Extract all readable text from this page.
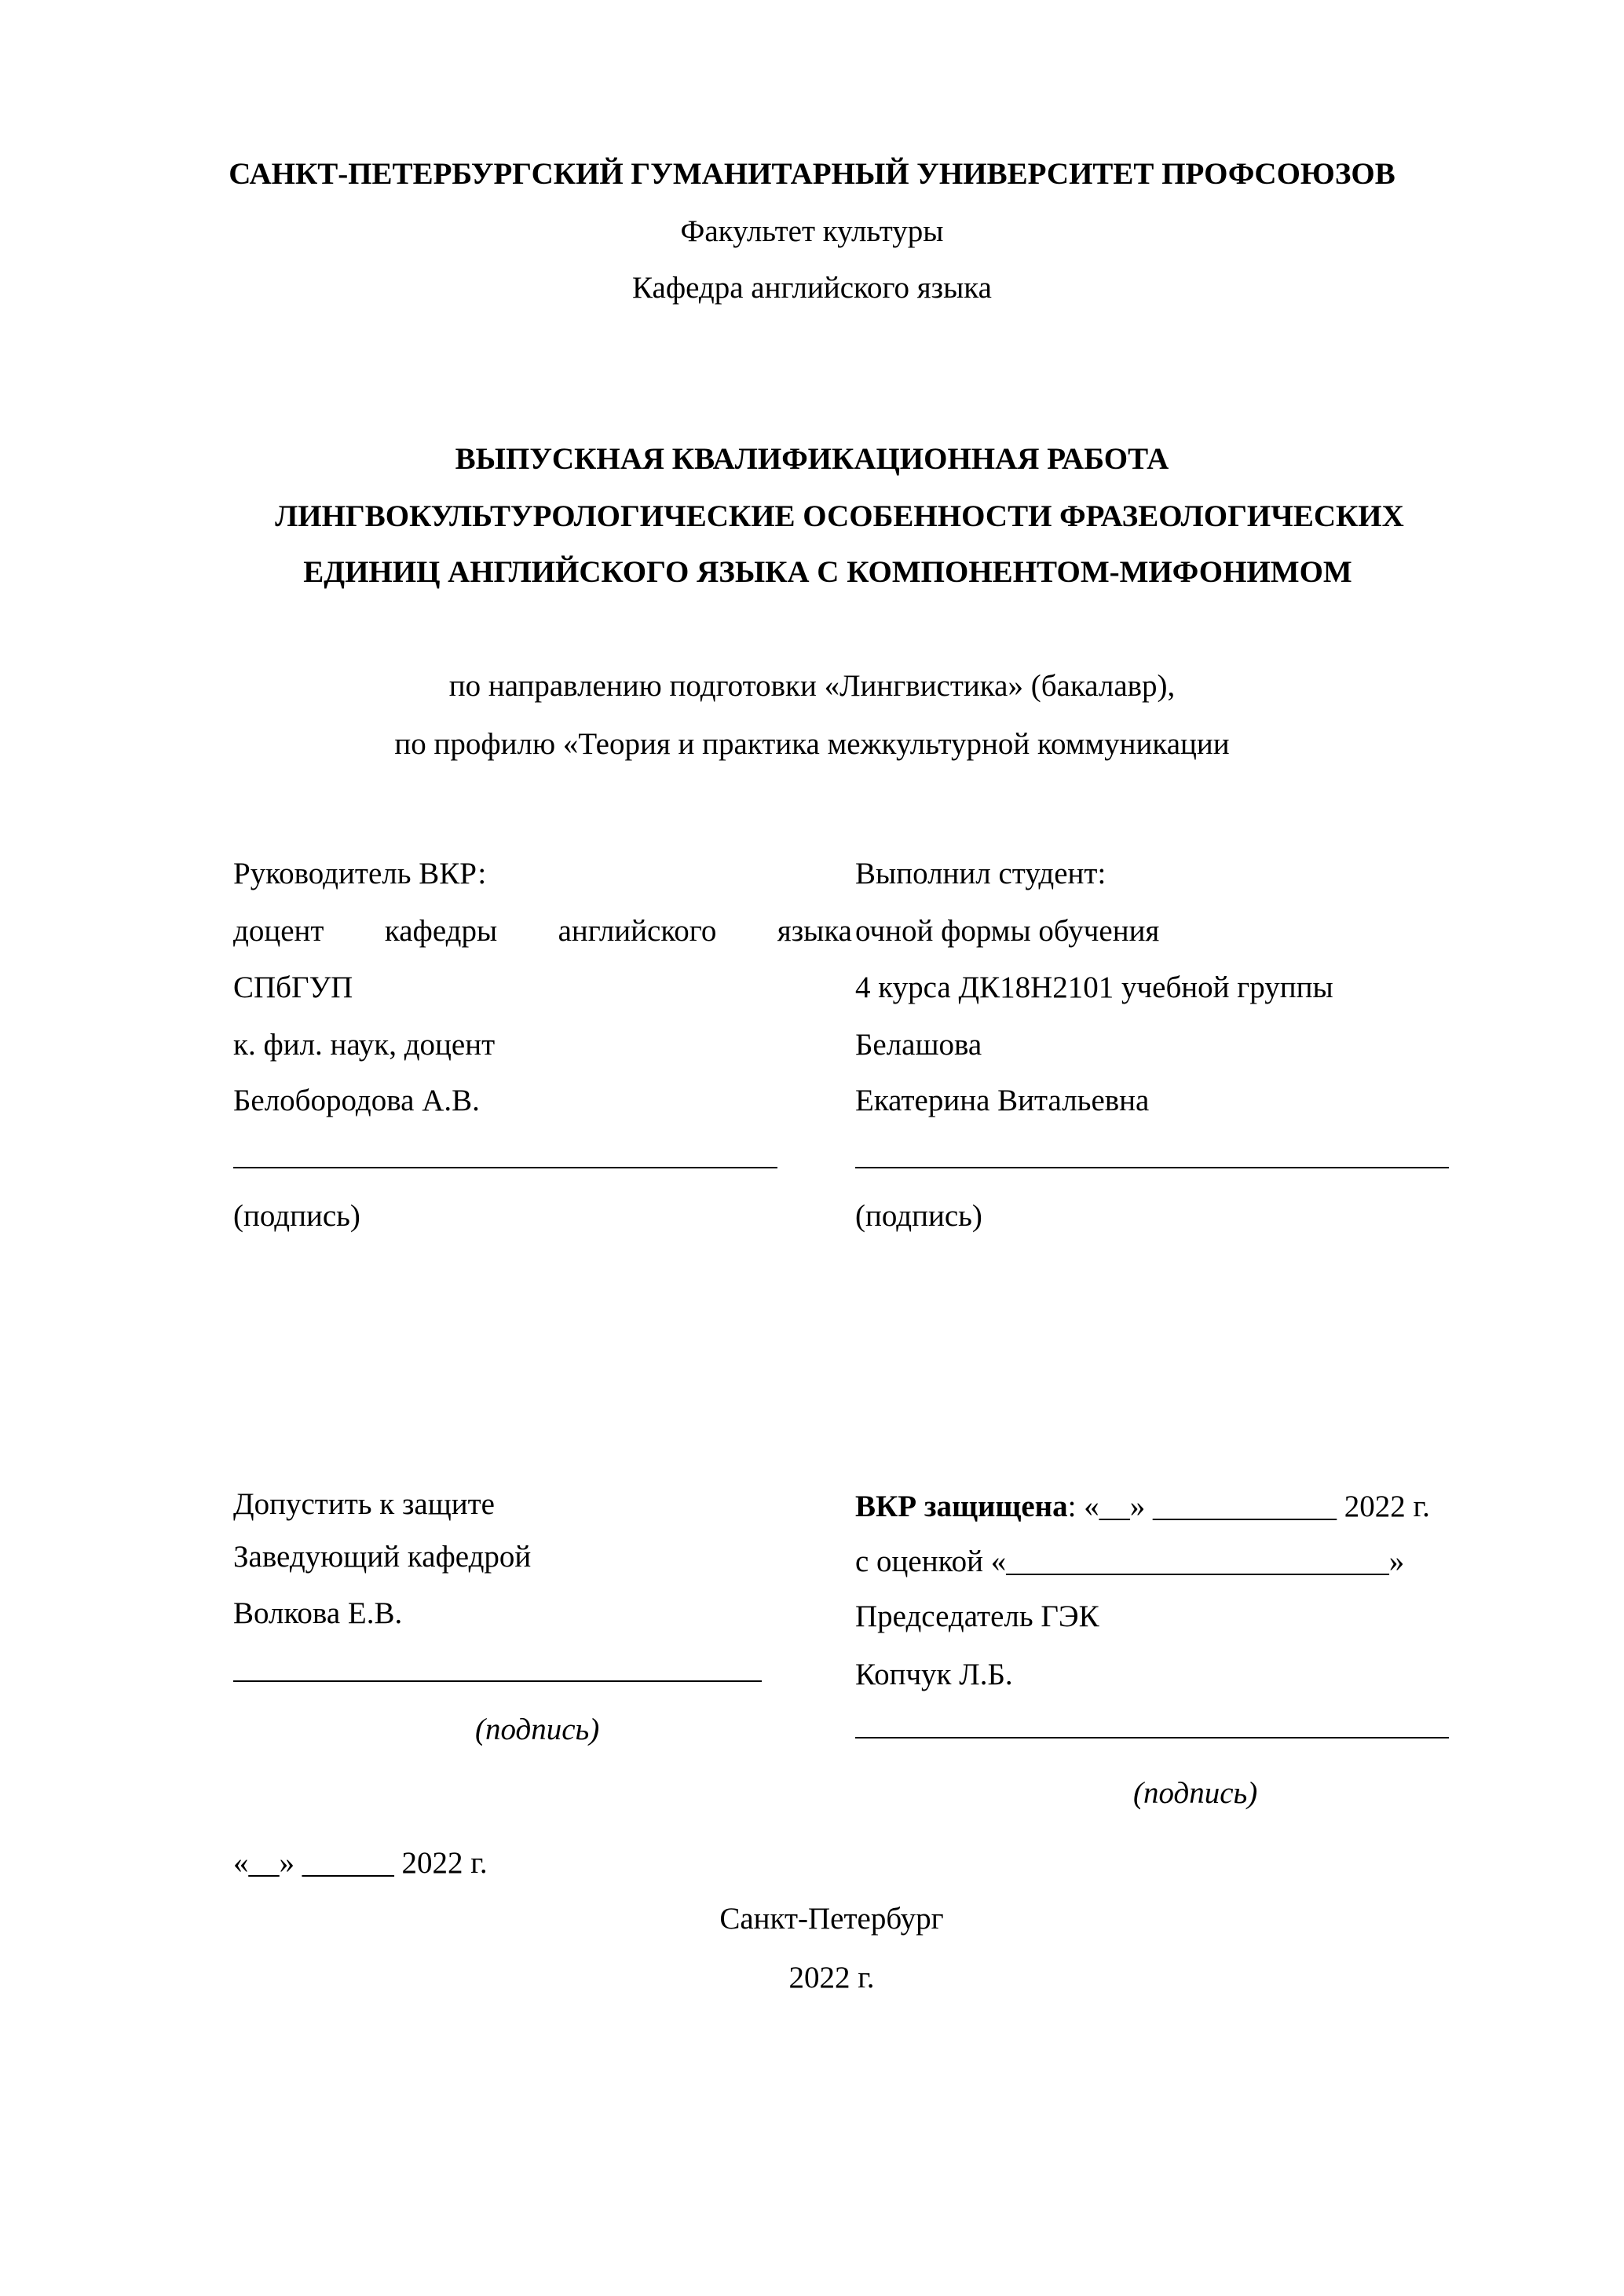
САНКТ-ПЕТЕРБУРГСКИЙ ГУМАНИТАРНЫЙ УНИВЕРСИТЕТ ПРОФСОЮЗОВ
Факультет культуры
Кафедра английского языка
ВЫПУСКНАЯ КВАЛИФИКАЦИОННАЯ РАБОТА
ЛИНГВОКУЛЬТУРОЛОГИЧЕСКИЕ ОСОБЕННОСТИ ФРАЗЕОЛОГИЧЕСКИХ
ЕДИНИЦ АНГЛИЙСКОГО ЯЗЫКА С КОМПОНЕНТОМ-МИФОНИМОМ
по направлению подготовки «Лингвистика» (бакалавр),
по профилю «Теория и практика межкультурной коммуникации
Руководитель ВКР:
доцент кафедры английского языка
СПбГУП
к. фил. наук, доцент
Белобородова А.В.
(подпись)
Выполнил студент:
очной формы обучения
4 курса ДК18Н2101 учебной группы
Белашова
Екатерина Витальевна
(подпись)
Допустить к защите
Заведующий кафедрой
Волкова Е.В.
(подпись)
«__» ______ 2022 г.
ВКР защищена: «__» ____________ 2022 г.
с оценкой «_________________________»
Председатель ГЭК
Копчук Л.Б.
(подпись)
Санкт-Петербург
2022 г.
